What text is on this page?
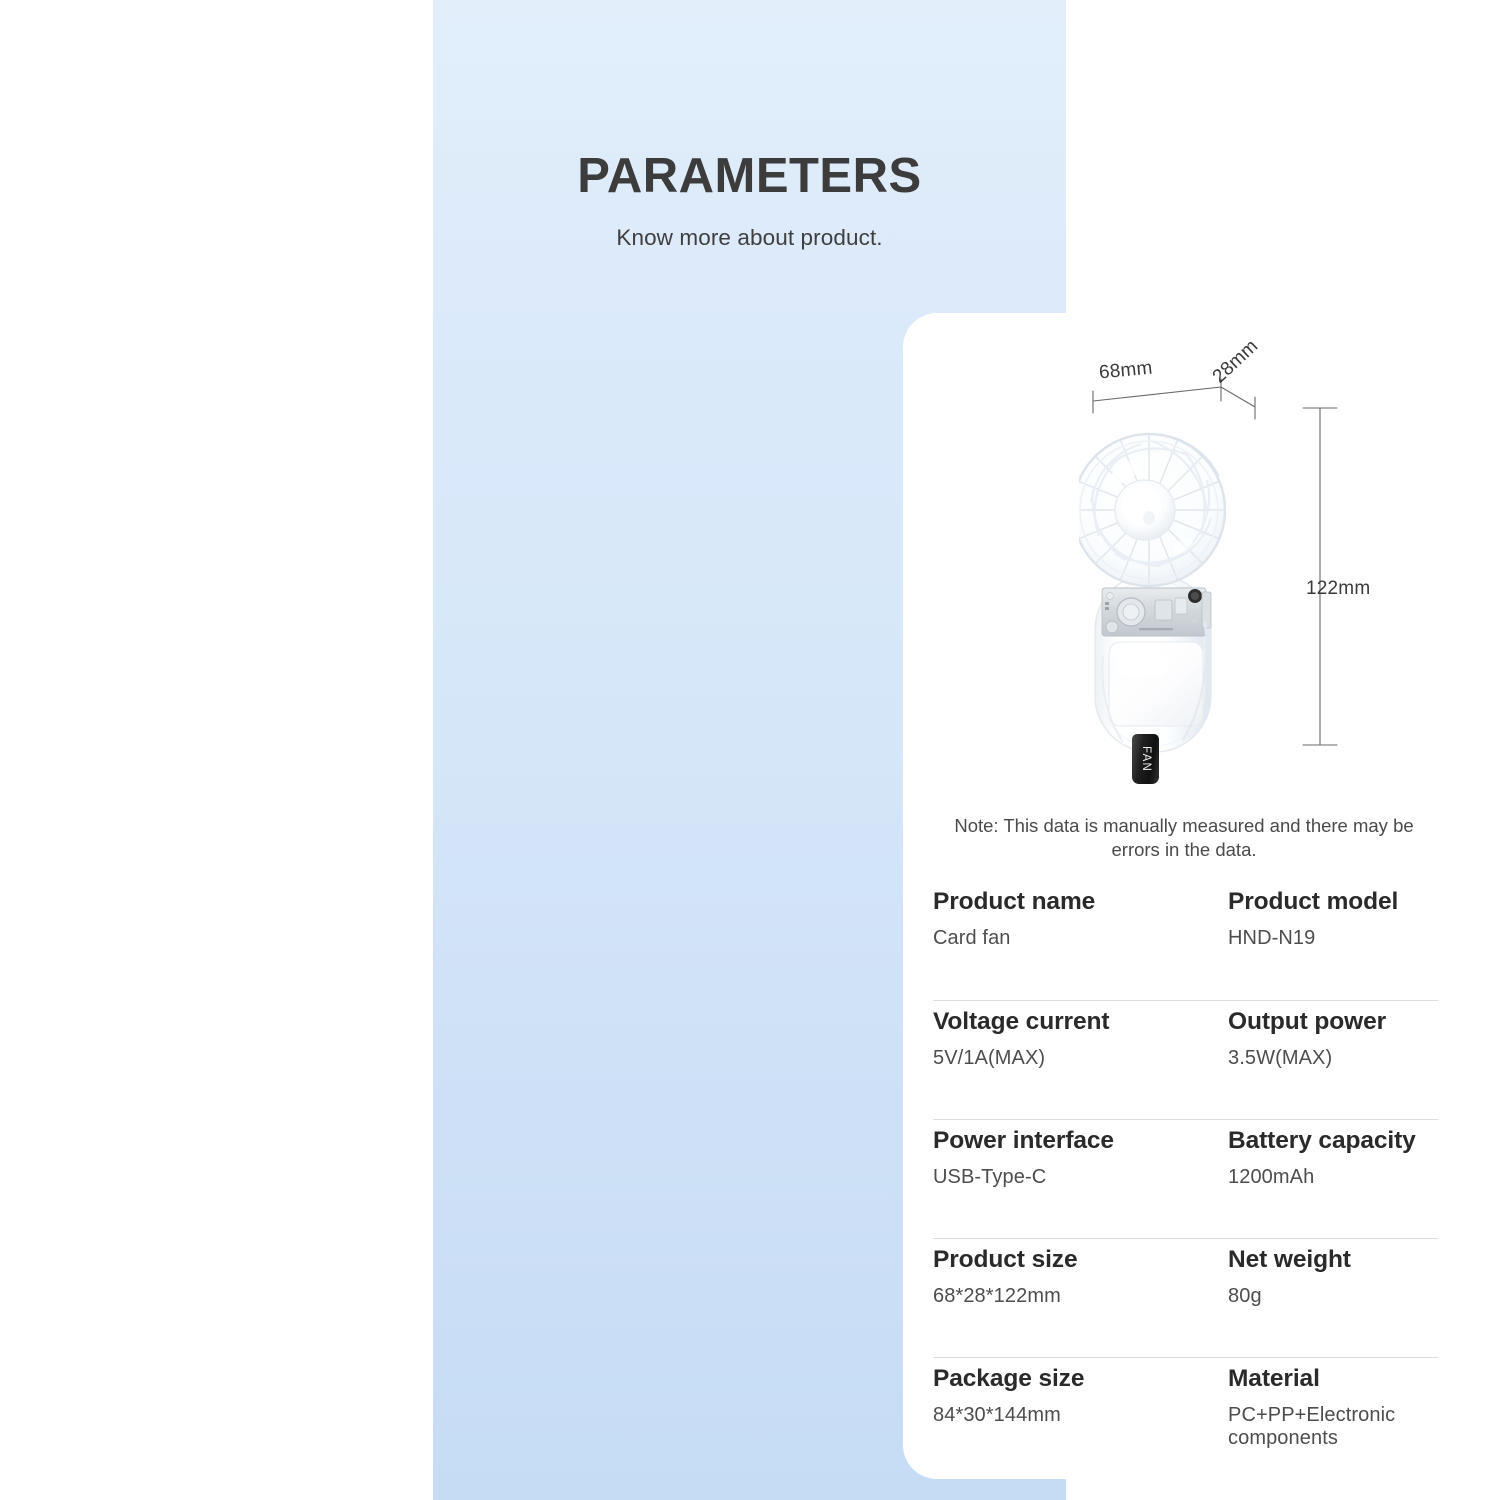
PARAMETERS
Know more about product.
68mm	28mm
122mm
FAN
Note: This data is manually measured and there may be errors in the data.
Product name
Card fan
Product model
HND-N19
Voltage current
5V/1A(MAX)
Output power
3.5W(MAX)
Power interface
USB-Type-C
Battery capacity
1200mAh
Product size
68*28*122mm
Net weight
80g
Package size
84*30*144mm
Material
PC+PP+Electronic components
